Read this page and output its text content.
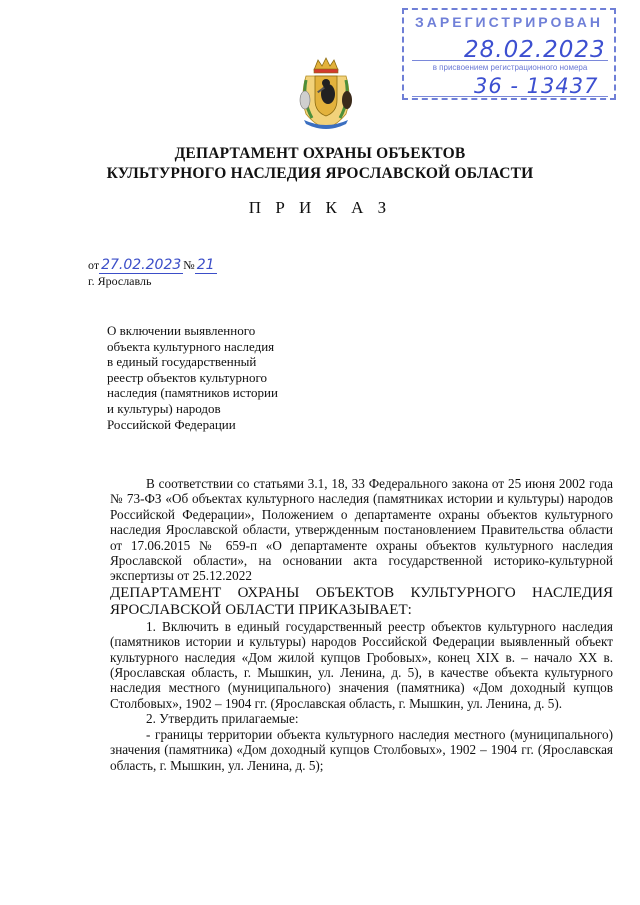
ЗАРЕГИСТРИРОВАН
28.02.2023
в присвоением регистрационного номера
36 - 13437
ДЕПАРТАМЕНТ ОХРАНЫ ОБЪЕКТОВ
КУЛЬТУРНОГО НАСЛЕДИЯ ЯРОСЛАВСКОЙ ОБЛАСТИ
П Р И К А З
от 27.02.2023 № 21
г. Ярославль
О включении выявленного
объекта культурного наследия
в единый государственный
реестр объектов культурного
наследия (памятников истории
и культуры) народов
Российской Федерации

В соответствии со статьями 3.1, 18, 33 Федерального закона от 25 июня 2002 года № 73-ФЗ «Об объектах культурного наследия (памятниках истории и культуры) народов Российской Федерации», Положением о департаменте охраны объектов культурного наследия Ярославской области, утвержденным постановлением Правительства области от 17.06.2015 № 659-п «О департаменте охраны объектов культурного наследия Ярославской области», на основании акта государственной историко-культурной экспертизы от 25.12.2022

ДЕПАРТАМЕНТ ОХРАНЫ ОБЪЕКТОВ КУЛЬТУРНОГО НАСЛЕДИЯ ЯРОСЛАВСКОЙ ОБЛАСТИ ПРИКАЗЫВАЕТ:

1. Включить в единый государственный реестр объектов культурного наследия (памятников истории и культуры) народов Российской Федерации выявленный объект культурного наследия «Дом жилой купцов Гробовых», конец XIX в. – начало XX в. (Ярославская область, г. Мышкин, ул. Ленина, д. 5), в качестве объекта культурного наследия местного (муниципального) значения (памятника) «Дом доходный купцов Столбовых», 1902 – 1904 гг. (Ярославская область, г. Мышкин, ул. Ленина, д. 5).

2. Утвердить прилагаемые:

- границы территории объекта культурного наследия местного (муниципального) значения (памятника) «Дом доходный купцов Столбовых», 1902 – 1904 гг. (Ярославская область, г. Мышкин, ул. Ленина, д. 5);
